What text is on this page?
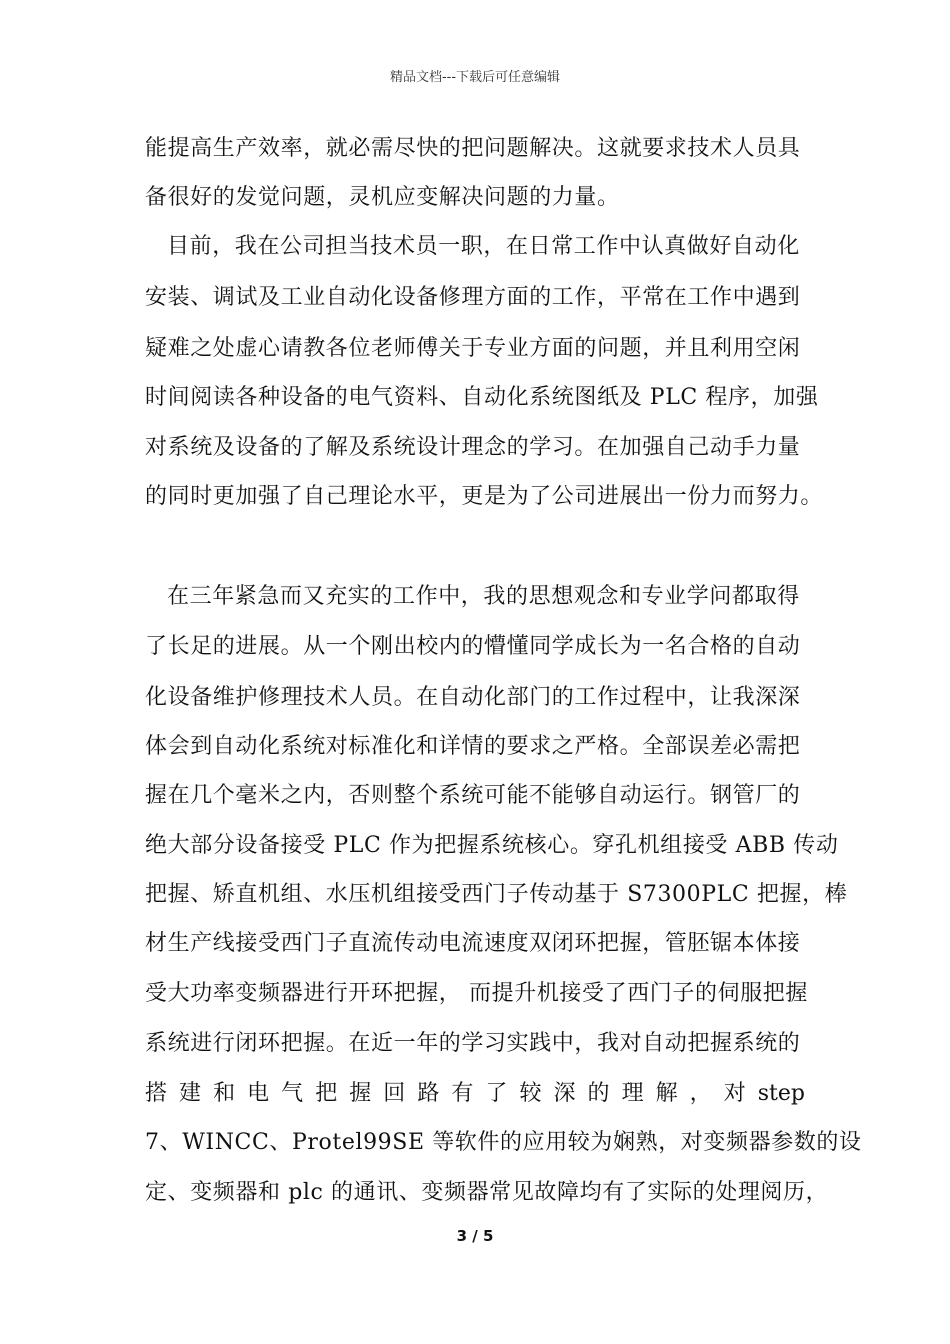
精品文档---下载后可任意编辑
能提高生产效率，就必需尽快的把问题解决。这就要求技术人员具
备很好的发觉问题，灵机应变解决问题的力量。
目前，我在公司担当技术员一职，在日常工作中认真做好自动化
安装、调试及工业自动化设备修理方面的工作，平常在工作中遇到
疑难之处虚心请教各位老师傅关于专业方面的问题，并且利用空闲
时间阅读各种设备的电气资料、自动化系统图纸及 PLC 程序，加强
对系统及设备的了解及系统设计理念的学习。在加强自己动手力量
的同时更加强了自己理论水平，更是为了公司进展出一份力而努力。
在三年紧急而又充实的工作中，我的思想观念和专业学问都取得
了长足的进展。从一个刚出校内的懵懂同学成长为一名合格的自动
化设备维护修理技术人员。在自动化部门的工作过程中，让我深深
体会到自动化系统对标准化和详情的要求之严格。全部误差必需把
握在几个毫米之内，否则整个系统可能不能够自动运行。钢管厂的
绝大部分设备接受 PLC 作为把握系统核心。穿孔机组接受 ABB 传动
把握、矫直机组、水压机组接受西门子传动基于 S7300PLC 把握，棒
材生产线接受西门子直流传动电流速度双闭环把握，管胚锯本体接
受大功率变频器进行开环把握， 而提升机接受了西门子的伺服把握
系统进行闭环把握。在近一年的学习实践中，我对自动把握系统的
搭 建 和 电 气 把 握 回 路 有 了 较 深 的 理 解 ， 对 step
7、WINCC、Protel99SE 等软件的应用较为娴熟，对变频器参数的设
定、变频器和 plc 的通讯、变频器常见故障均有了实际的处理阅历，
3 / 5
